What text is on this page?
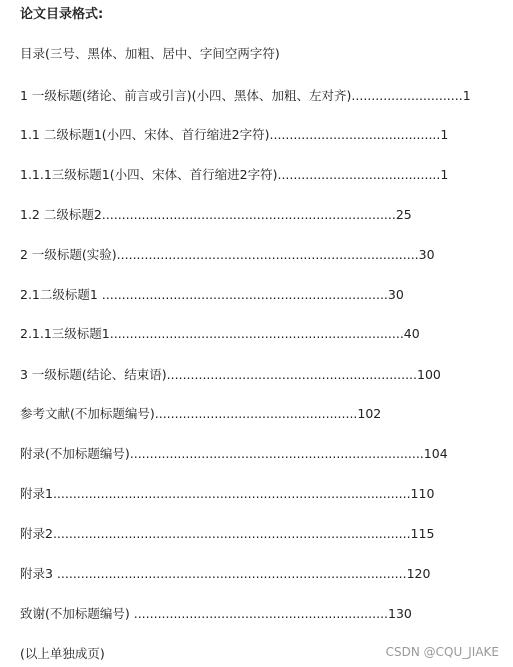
论文目录格式:
目录(三号、黑体、加粗、居中、字间空两字符)
1 一级标题(绪论、前言或引言)(小四、黑体、加粗、左对齐)............................1
1.1 二级标题1(小四、宋体、首行缩进2字符)...........................................1
1.1.1三级标题1(小四、宋体、首行缩进2字符).........................................1
1.2 二级标题2..........................................................................25
2 一级标题(实验)............................................................................30
2.1二级标题1 ........................................................................30
2.1.1三级标题1..........................................................................40
3 一级标题(结论、结束语)...............................................................100
参考文献(不加标题编号)...................................................102
附录(不加标题编号)..........................................................................104
附录1..........................................................................................110
附录2..........................................................................................115
附录3 ........................................................................................120
致谢(不加标题编号) ................................................................130
(以上单独成页)	CSDN @CQU_JIAKE
